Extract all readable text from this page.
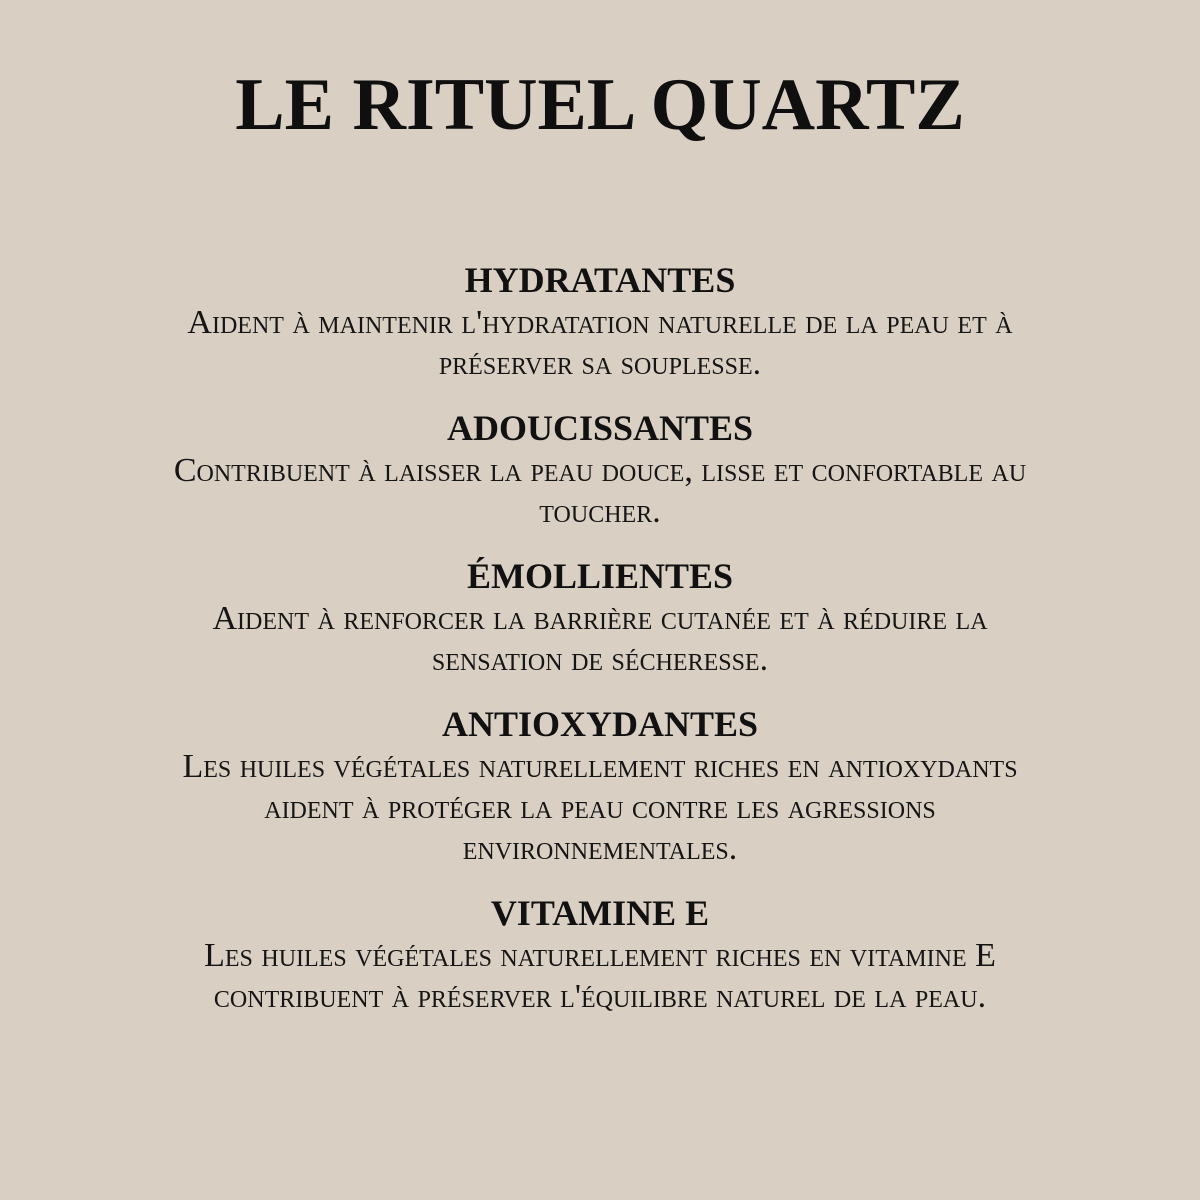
LE RITUEL QUARTZ
HYDRATANTES

Aident à maintenir l'hydratation naturelle de la peau et à préserver sa souplesse.

ADOUCISSANTES

Contribuent à laisser la peau douce, lisse et confortable au toucher.

ÉMOLLIENTES

Aident à renforcer la barrière cutanée et à réduire la sensation de sécheresse.

ANTIOXYDANTES

Les huiles végétales naturellement riches en antioxydants aident à protéger la peau contre les agressions environnementales.

VITAMINE E

Les huiles végétales naturellement riches en vitamine E contribuent à préserver l'équilibre naturel de la peau.
